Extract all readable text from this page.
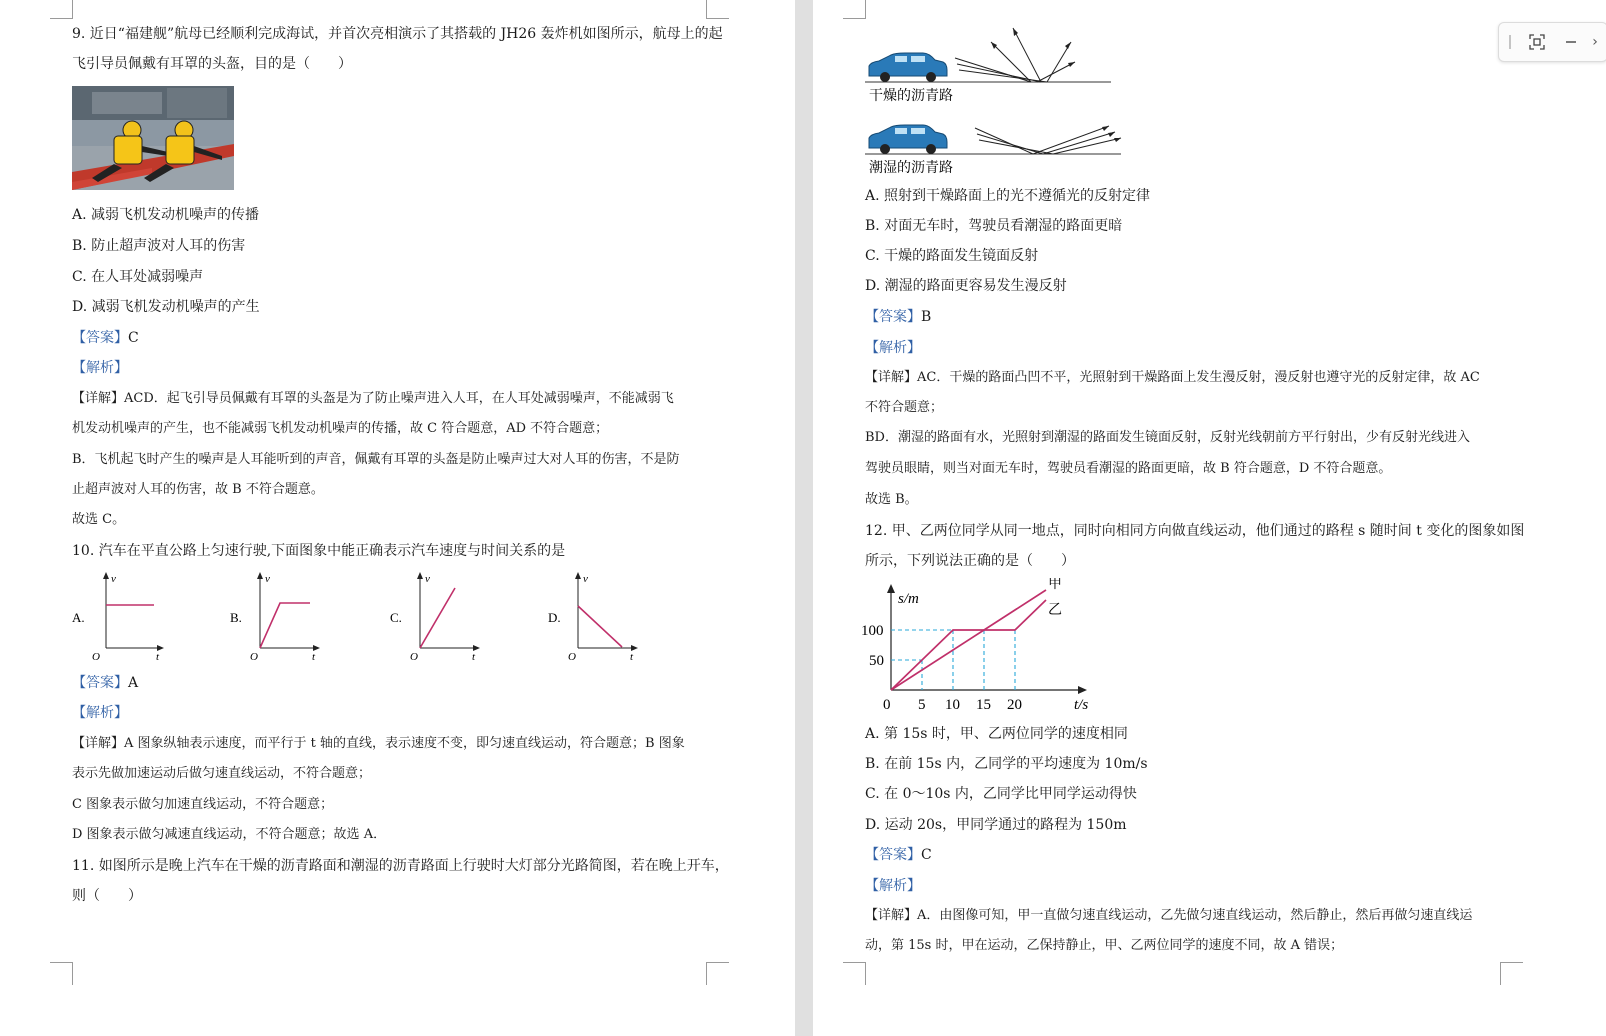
9. 近日“福建舰”航母已经顺利完成海试，并首次亮相演示了其搭载的 JH26 轰炸机如图所示，航母上的起
飞引导员佩戴有耳罩的头盔，目的是（　　）
A. 减弱飞机发动机噪声的传播
B. 防止超声波对人耳的伤害
C. 在人耳处减弱噪声
D. 减弱飞机发动机噪声的产生
【答案】C
【解析】
【详解】ACD．起飞引导员佩戴有耳罩的头盔是为了防止噪声进入人耳，在人耳处减弱噪声，不能减弱飞
机发动机噪声的产生，也不能减弱飞机发动机噪声的传播，故 C 符合题意，AD 不符合题意；
B．飞机起飞时产生的噪声是人耳能听到的声音，佩戴有耳罩的头盔是防止噪声过大对人耳的伤害，不是防
止超声波对人耳的伤害，故 B 不符合题意。
故选 C。
10. 汽车在平直公路上匀速行驶,下面图象中能正确表示汽车速度与时间关系的是
A.
v
t
O
B.
v
t
O
C.
v
t
O
D.
v
t
O
【答案】A
【解析】
【详解】A 图象纵轴表示速度，而平行于 t 轴的直线，表示速度不变，即匀速直线运动，符合题意；B 图象
表示先做加速运动后做匀速直线运动，不符合题意；
C 图象表示做匀加速直线运动，不符合题意；
D 图象表示做匀减速直线运动，不符合题意；故选 A．
11. 如图所示是晚上汽车在干燥的沥青路面和潮湿的沥青路面上行驶时大灯部分光路简图，若在晚上开车，
则（　　）
干燥的沥青路
潮湿的沥青路
A. 照射到干燥路面上的光不遵循光的反射定律
B. 对面无车时，驾驶员看潮湿的路面更暗
C. 干燥的路面发生镜面反射
D. 潮湿的路面更容易发生漫反射
【答案】B
【解析】
【详解】AC．干燥的路面凸凹不平，光照射到干燥路面上发生漫反射，漫反射也遵守光的反射定律，故 AC
不符合题意；
BD．潮湿的路面有水，光照射到潮湿的路面发生镜面反射，反射光线朝前方平行射出，少有反射光线进入
驾驶员眼睛，则当对面无车时，驾驶员看潮湿的路面更暗，故 B 符合题意，D 不符合题意。
故选 B。
12. 甲、乙两位同学从同一地点，同时向相同方向做直线运动，他们通过的路程 s 随时间 t 变化的图象如图
所示，下列说法正确的是（　　）
甲
乙
0 5 10 15 20
50
100
s/m
t/s
A. 第 15s 时，甲、乙两位同学的速度相同
B. 在前 15s 内，乙同学的平均速度为 10m/s
C. 在 0～10s 内，乙同学比甲同学运动得快
D. 运动 20s，甲同学通过的路程为 150m
【答案】C
【解析】
【详解】A．由图像可知，甲一直做匀速直线运动，乙先做匀速直线运动，然后静止，然后再做匀速直线运
动，第 15s 时，甲在运动，乙保持静止，甲、乙两位同学的速度不同，故 A 错误；
›
